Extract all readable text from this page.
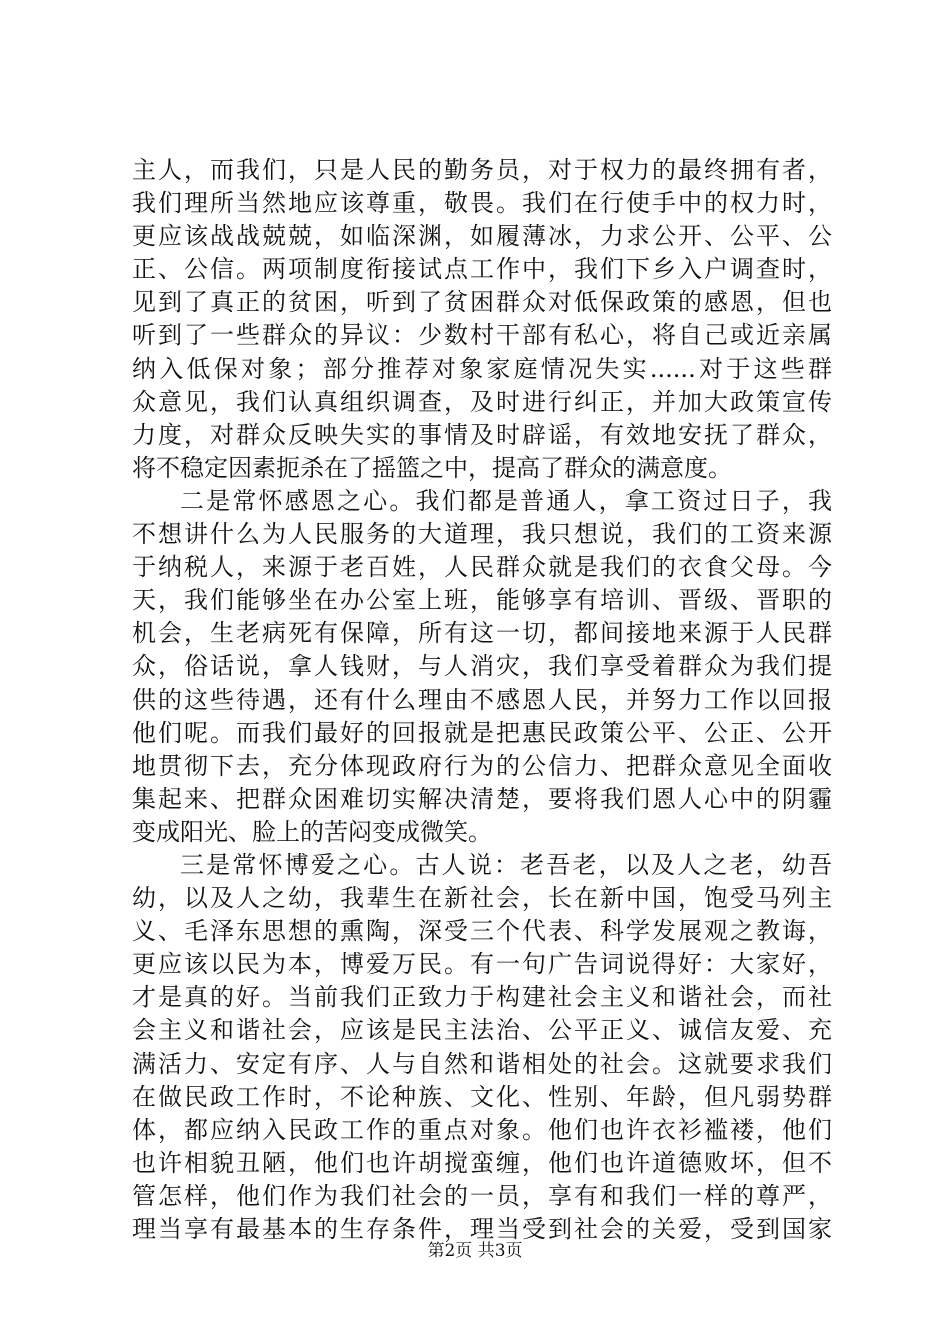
主人，而我们，只是人民的勤务员，对于权力的最终拥有者，
我们理所当然地应该尊重，敬畏。我们在行使手中的权力时，
更应该战战兢兢，如临深渊，如履薄冰，力求公开、公平、公
正、公信。两项制度衔接试点工作中，我们下乡入户调查时，
见到了真正的贫困，听到了贫困群众对低保政策的感恩，但也
听到了一些群众的异议：少数村干部有私心，将自己或近亲属
纳入低保对象；部分推荐对象家庭情况失实......对于这些群
众意见，我们认真组织调查，及时进行纠正，并加大政策宣传
力度，对群众反映失实的事情及时辟谣，有效地安抚了群众，
将不稳定因素扼杀在了摇篮之中，提高了群众的满意度。
二是常怀感恩之心。我们都是普通人，拿工资过日子，我
不想讲什么为人民服务的大道理，我只想说，我们的工资来源
于纳税人，来源于老百姓，人民群众就是我们的衣食父母。今
天，我们能够坐在办公室上班，能够享有培训、晋级、晋职的
机会，生老病死有保障，所有这一切，都间接地来源于人民群
众，俗话说，拿人钱财，与人消灾，我们享受着群众为我们提
供的这些待遇，还有什么理由不感恩人民，并努力工作以回报
他们呢。而我们最好的回报就是把惠民政策公平、公正、公开
地贯彻下去，充分体现政府行为的公信力、把群众意见全面收
集起来、把群众困难切实解决清楚，要将我们恩人心中的阴霾
变成阳光、脸上的苦闷变成微笑。
三是常怀博爱之心。古人说：老吾老，以及人之老，幼吾
幼，以及人之幼，我辈生在新社会，长在新中国，饱受马列主
义、毛泽东思想的熏陶，深受三个代表、科学发展观之教诲，
更应该以民为本，博爱万民。有一句广告词说得好：大家好，
才是真的好。当前我们正致力于构建社会主义和谐社会，而社
会主义和谐社会，应该是民主法治、公平正义、诚信友爱、充
满活力、安定有序、人与自然和谐相处的社会。这就要求我们
在做民政工作时，不论种族、文化、性别、年龄，但凡弱势群
体，都应纳入民政工作的重点对象。他们也许衣衫褴褛，他们
也许相貌丑陋，他们也许胡搅蛮缠，他们也许道德败坏，但不
管怎样，他们作为我们社会的一员，享有和我们一样的尊严，
理当享有最基本的生存条件，理当受到社会的关爱，受到国家
第2页 共3页
